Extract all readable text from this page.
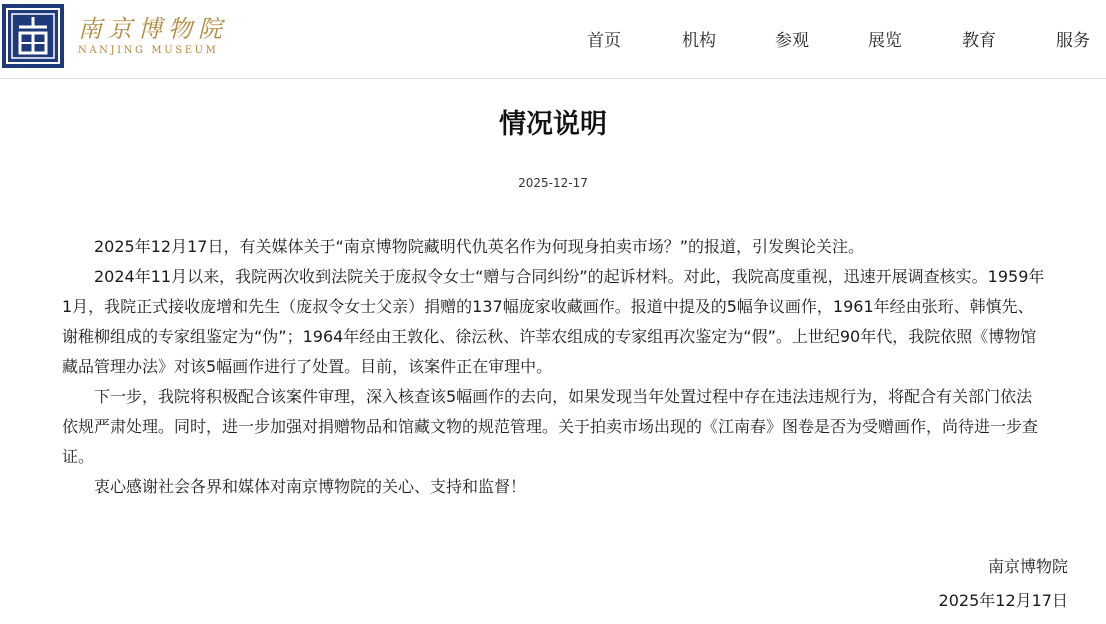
南京博物院
NANJING MUSEUM	首页	机构	参观	展览	教育	服务
情况说明
2025-12-17

2025年12月17日，有关媒体关于“南京博物院藏明代仇英名作为何现身拍卖市场？”的报道，引发舆论关注。

2024年11月以来，我院两次收到法院关于庞叔令女士“赠与合同纠纷”的起诉材料。对此，我院高度重视，迅速开展调查核实。1959年1月，我院正式接收庞增和先生（庞叔令女士父亲）捐赠的137幅庞家收藏画作。报道中提及的5幅争议画作，1961年经由张珩、韩慎先、谢稚柳组成的专家组鉴定为“伪”；1964年经由王敦化、徐沄秋、许莘农组成的专家组再次鉴定为“假”。上世纪90年代，我院依照《博物馆藏品管理办法》对该5幅画作进行了处置。目前，该案件正在审理中。

下一步，我院将积极配合该案件审理，深入核查该5幅画作的去向，如果发现当年处置过程中存在违法违规行为，将配合有关部门依法依规严肃处理。同时，进一步加强对捐赠物品和馆藏文物的规范管理。关于拍卖市场出现的《江南春》图卷是否为受赠画作，尚待进一步查证。

衷心感谢社会各界和媒体对南京博物院的关心、支持和监督！

南京博物院
2025年12月17日
